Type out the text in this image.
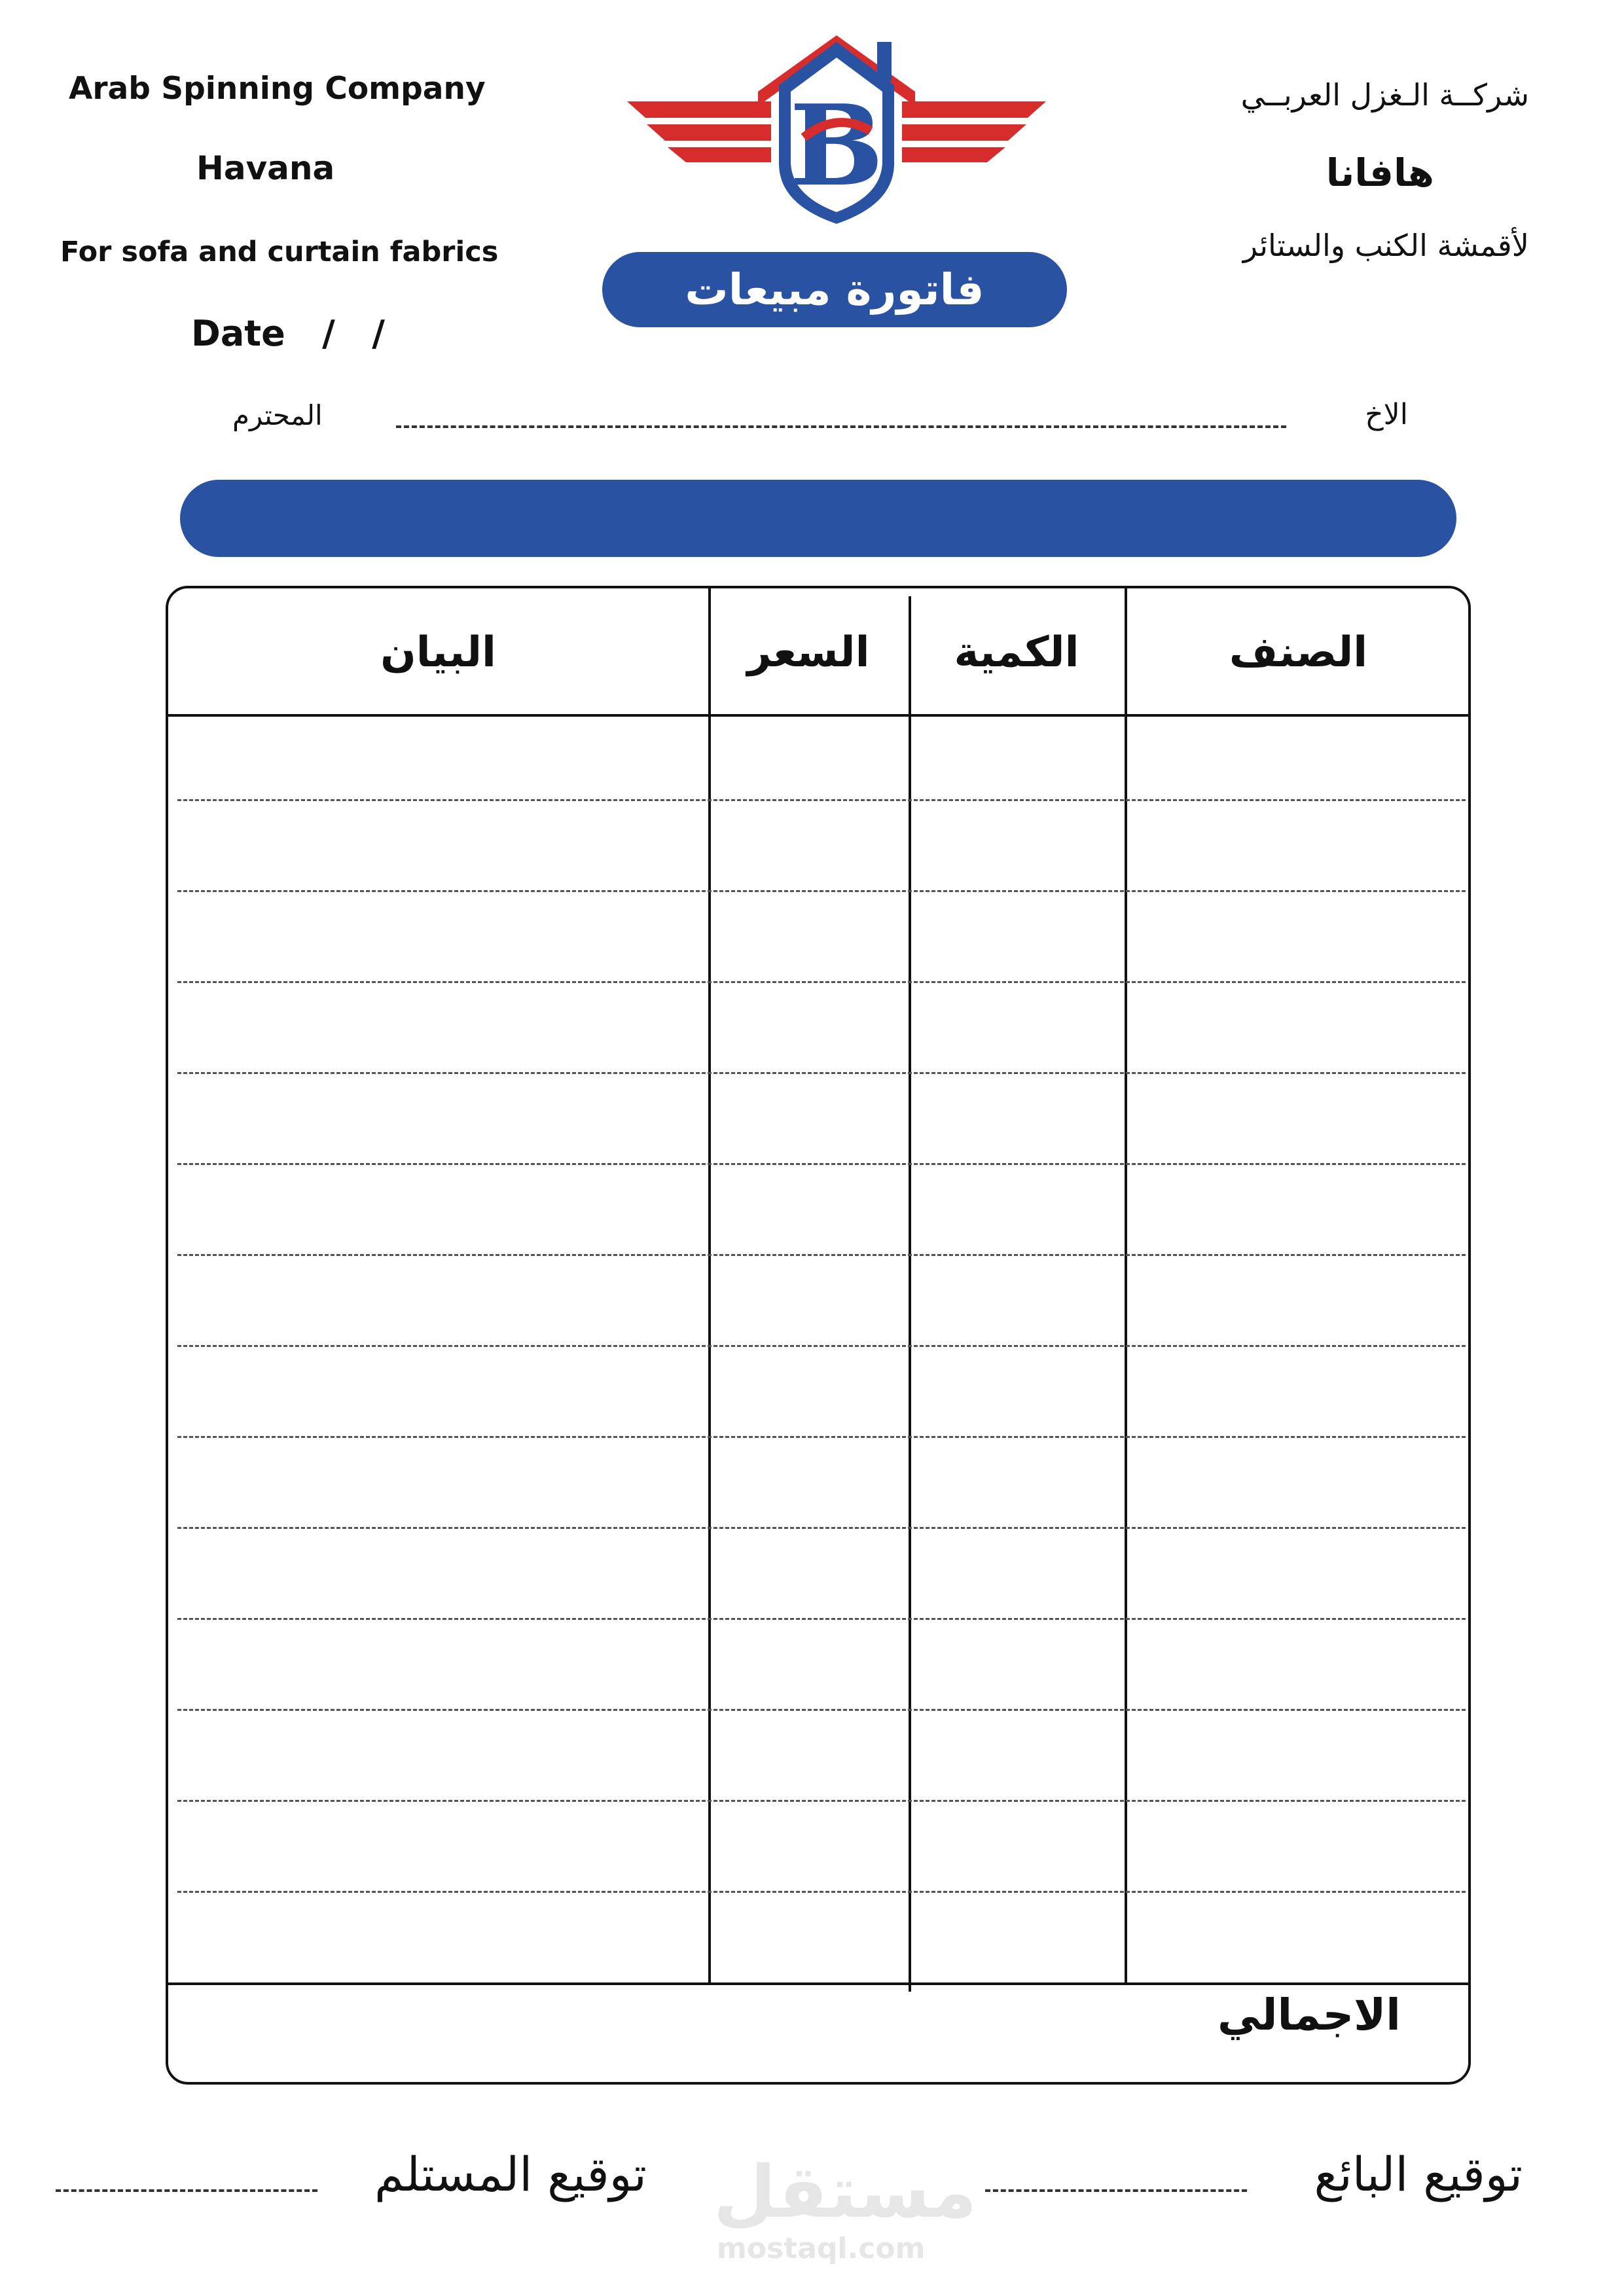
Arab Spinning Company
Havana
For sofa and curtain fabrics
Date   /   /
شركــة الـغزل العربــي
هافانا
لأقمشة الكنب والستائر
B
فاتورة مبيعات
الاخ
المحترم
الصنف
الكمية
السعر
البيان
الاجمالي
مستقل
mostaql.com
توقيع البائع
توقيع المستلم
